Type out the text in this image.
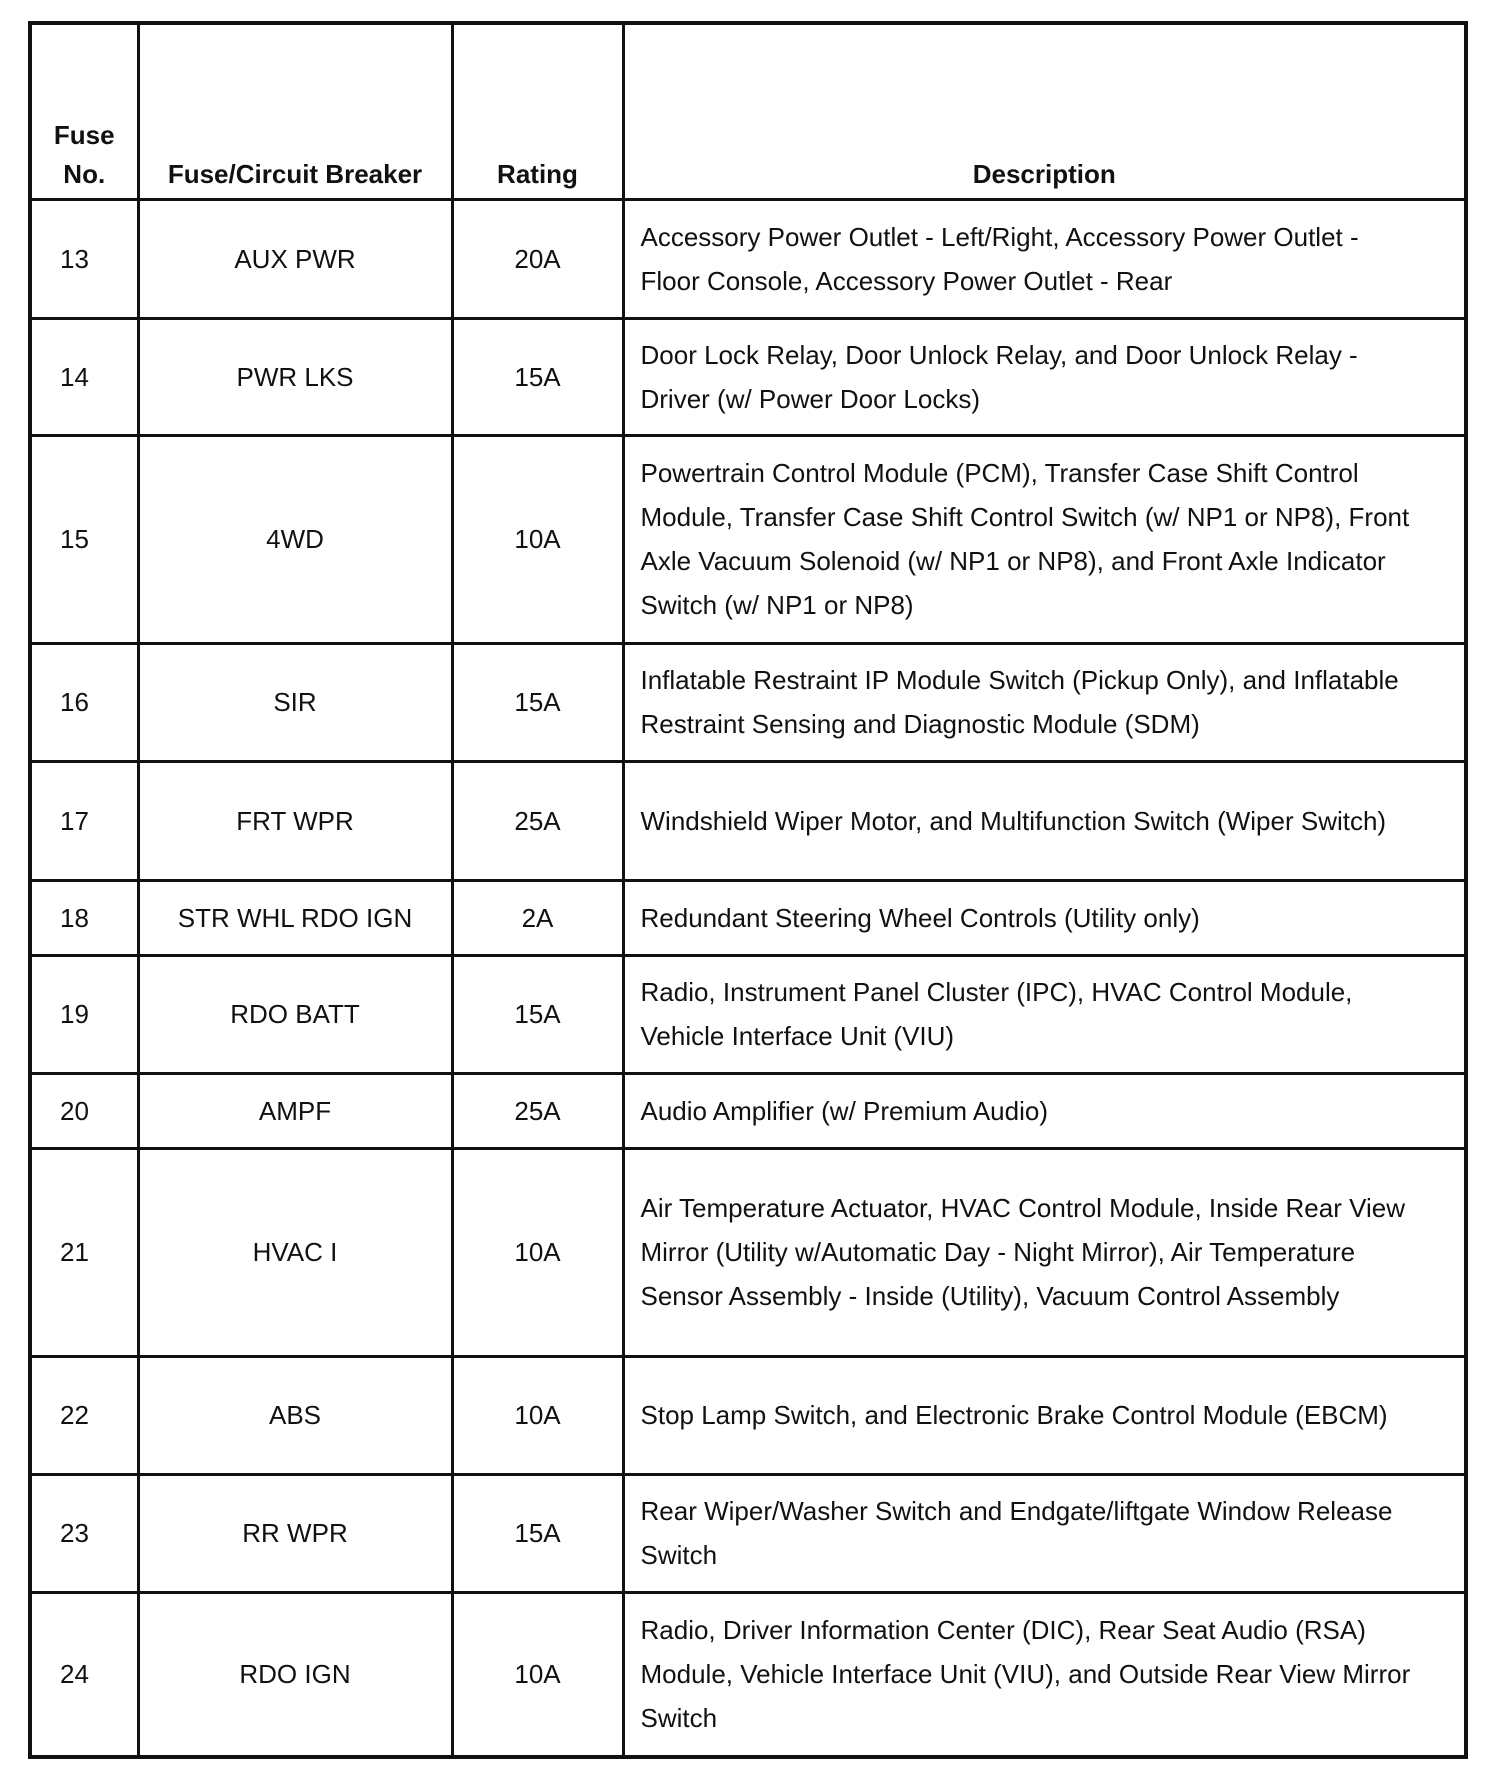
Fuse No.	Fuse/Circuit Breaker	Rating	Description
13	AUX PWR	20A	Accessory Power Outlet - Left/Right, Accessory Power Outlet - Floor Console, Accessory Power Outlet - Rear
14	PWR LKS	15A	Door Lock Relay, Door Unlock Relay, and Door Unlock Relay - Driver (w/ Power Door Locks)
15	4WD	10A	Powertrain Control Module (PCM), Transfer Case Shift Control Module, Transfer Case Shift Control Switch (w/ NP1 or NP8), Front Axle Vacuum Solenoid (w/ NP1 or NP8), and Front Axle Indicator Switch (w/ NP1 or NP8)
16	SIR	15A	Inflatable Restraint IP Module Switch (Pickup Only), and Inflatable Restraint Sensing and Diagnostic Module (SDM)
17	FRT WPR	25A	Windshield Wiper Motor, and Multifunction Switch (Wiper Switch)
18	STR WHL RDO IGN	2A	Redundant Steering Wheel Controls (Utility only)
19	RDO BATT	15A	Radio, Instrument Panel Cluster (IPC), HVAC Control Module, Vehicle Interface Unit (VIU)
20	AMPF	25A	Audio Amplifier (w/ Premium Audio)
21	HVAC I	10A	Air Temperature Actuator, HVAC Control Module, Inside Rear View Mirror (Utility w/Automatic Day - Night Mirror), Air Temperature Sensor Assembly - Inside (Utility), Vacuum Control Assembly
22	ABS	10A	Stop Lamp Switch, and Electronic Brake Control Module (EBCM)
23	RR WPR	15A	Rear Wiper/Washer Switch and Endgate/liftgate Window Release Switch
24	RDO IGN	10A	Radio, Driver Information Center (DIC), Rear Seat Audio (RSA) Module, Vehicle Interface Unit (VIU), and Outside Rear View Mirror Switch
